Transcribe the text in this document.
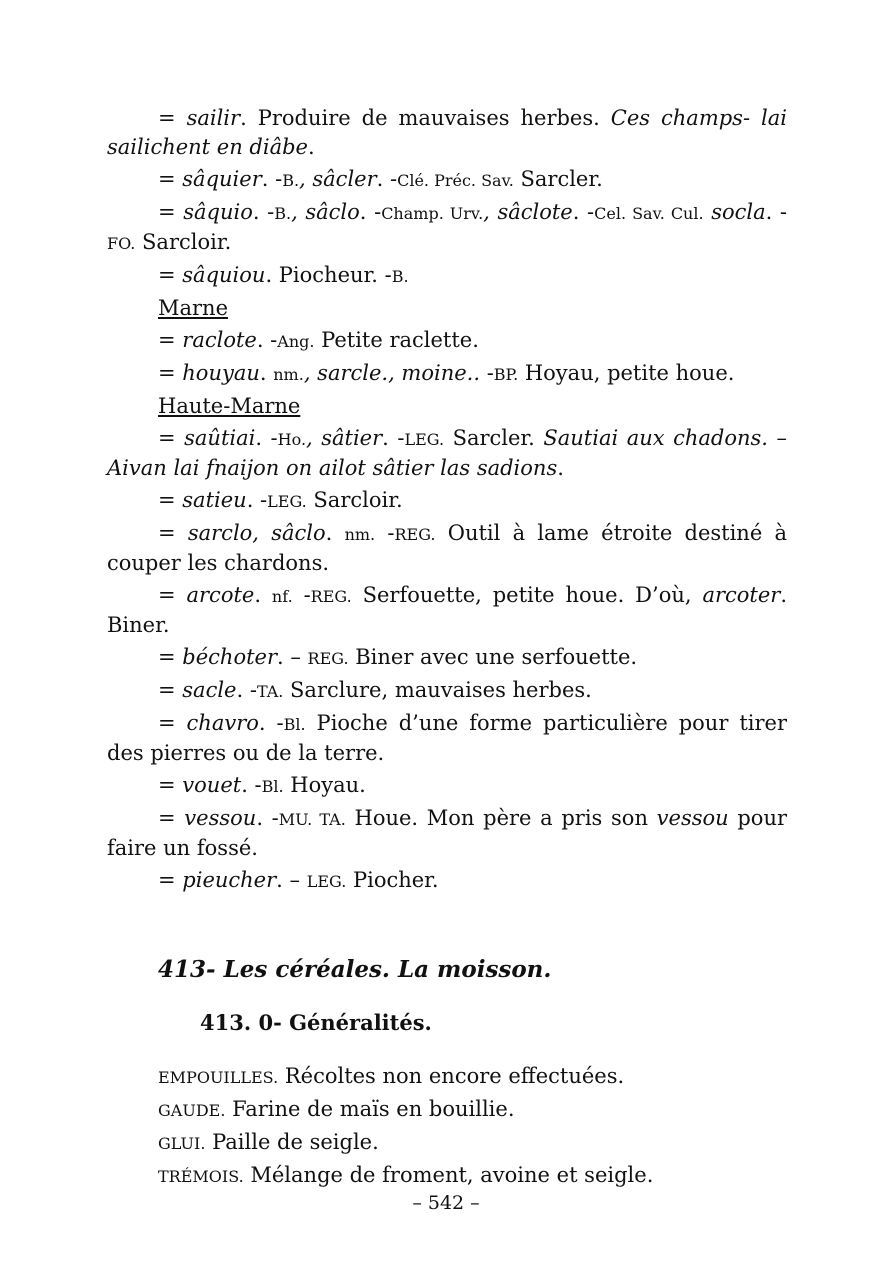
= sailir. Produire de mauvaises herbes. Ces champs- lai sailichent en diâbe.

= sâquier. -B., sâcler. -Clé. Préc. Sav. Sarcler.

= sâquio. -B., sâclo. -Champ. Urv., sâclote. -Cel. Sav. Cul. socla. -FO. Sarcloir.

= sâquiou. Piocheur. -B.

Marne

= raclote. -Ang. Petite raclette.

= houyau. nm., sarcle., moine.. -BP. Hoyau, petite houe.

Haute-Marne

= saûtiai. -Ho., sâtier. -LEG. Sarcler. Sautiai aux chadons. – Aivan lai fnaijon on ailot sâtier las sadions.

= satieu. -LEG. Sarcloir.

= sarclo, sâclo. nm. -REG. Outil à lame étroite destiné à couper les chardons.

= arcote. nf. -REG. Serfouette, petite houe. D’où, arcoter. Biner.

= béchoter. – REG. Biner avec une serfouette.

= sacle. -TA. Sarclure, mauvaises herbes.

= chavro. -Bl. Pioche d’une forme particulière pour tirer des pierres ou de la terre.

= vouet. -Bl. Hoyau.

= vessou. -MU. TA. Houe. Mon père a pris son vessou pour faire un fossé.

= pieucher. – LEG. Piocher.

413- Les céréales. La moisson.
413. 0- Généralités.
EMPOUILLES. Récoltes non encore effectuées.
GAUDE. Farine de maïs en bouillie.
GLUI. Paille de seigle.
TRÉMOIS. Mélange de froment, avoine et seigle.
– 542 –
